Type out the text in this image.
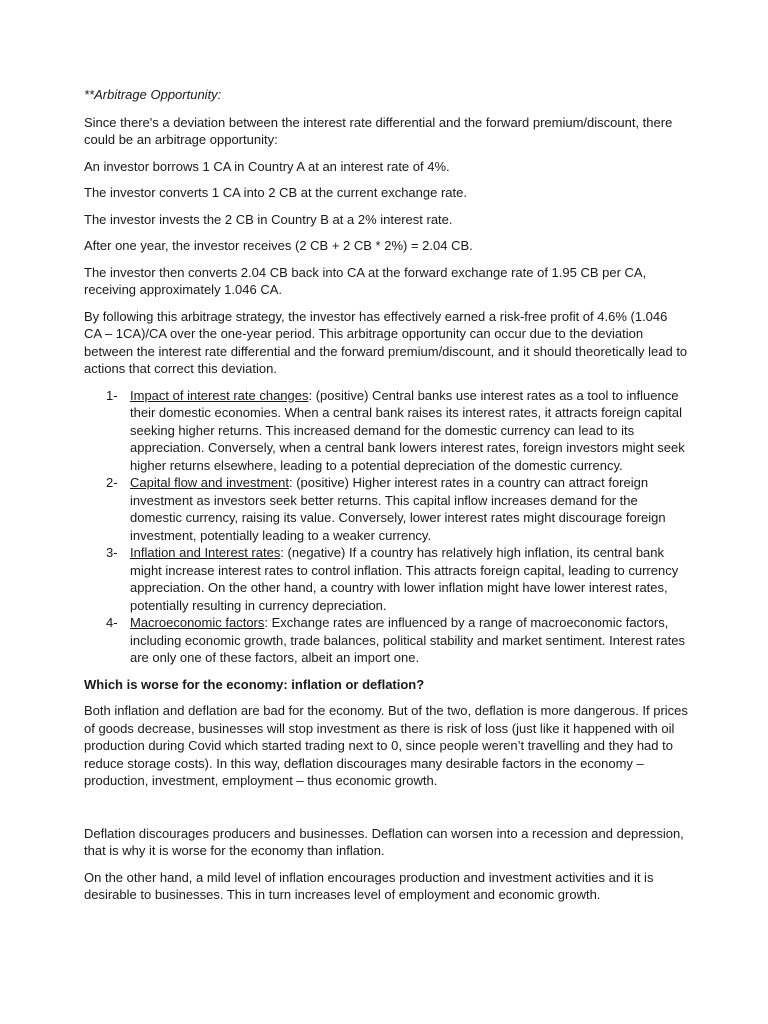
**Arbitrage Opportunity:

Since there's a deviation between the interest rate differential and the forward premium/discount, there could be an arbitrage opportunity:

An investor borrows 1 CA in Country A at an interest rate of 4%.

The investor converts 1 CA into 2 CB at the current exchange rate.

The investor invests the 2 CB in Country B at a 2% interest rate.

After one year, the investor receives (2 CB + 2 CB * 2%) = 2.04 CB.

The investor then converts 2.04 CB back into CA at the forward exchange rate of 1.95 CB per CA, receiving approximately 1.046 CA.

By following this arbitrage strategy, the investor has effectively earned a risk-free profit of 4.6% (1.046 CA – 1CA)/CA over the one-year period. This arbitrage opportunity can occur due to the deviation between the interest rate differential and the forward premium/discount, and it should theoretically lead to actions that correct this deviation.

1- Impact of interest rate changes: (positive) Central banks use interest rates as a tool to influence their domestic economies. When a central bank raises its interest rates, it attracts foreign capital seeking higher returns. This increased demand for the domestic currency can lead to its appreciation. Conversely, when a central bank lowers interest rates, foreign investors might seek higher returns elsewhere, leading to a potential depreciation of the domestic currency.
2- Capital flow and investment: (positive) Higher interest rates in a country can attract foreign investment as investors seek better returns. This capital inflow increases demand for the domestic currency, raising its value. Conversely, lower interest rates might discourage foreign investment, potentially leading to a weaker currency.
3- Inflation and Interest rates: (negative) If a country has relatively high inflation, its central bank might increase interest rates to control inflation. This attracts foreign capital, leading to currency appreciation. On the other hand, a country with lower inflation might have lower interest rates, potentially resulting in currency depreciation.
4- Macroeconomic factors: Exchange rates are influenced by a range of macroeconomic factors, including economic growth, trade balances, political stability and market sentiment. Interest rates are only one of these factors, albeit an import one.

Which is worse for the economy: inflation or deflation?

Both inflation and deflation are bad for the economy. But of the two, deflation is more dangerous. If prices of goods decrease, businesses will stop investment as there is risk of loss (just like it happened with oil production during Covid which started trading next to 0, since people weren’t travelling and they had to reduce storage costs). In this way, deflation discourages many desirable factors in the economy – production, investment, employment – thus economic growth.

Deflation discourages producers and businesses. Deflation can worsen into a recession and depression, that is why it is worse for the economy than inflation.

On the other hand, a mild level of inflation encourages production and investment activities and it is desirable to businesses. This in turn increases level of employment and economic growth.
